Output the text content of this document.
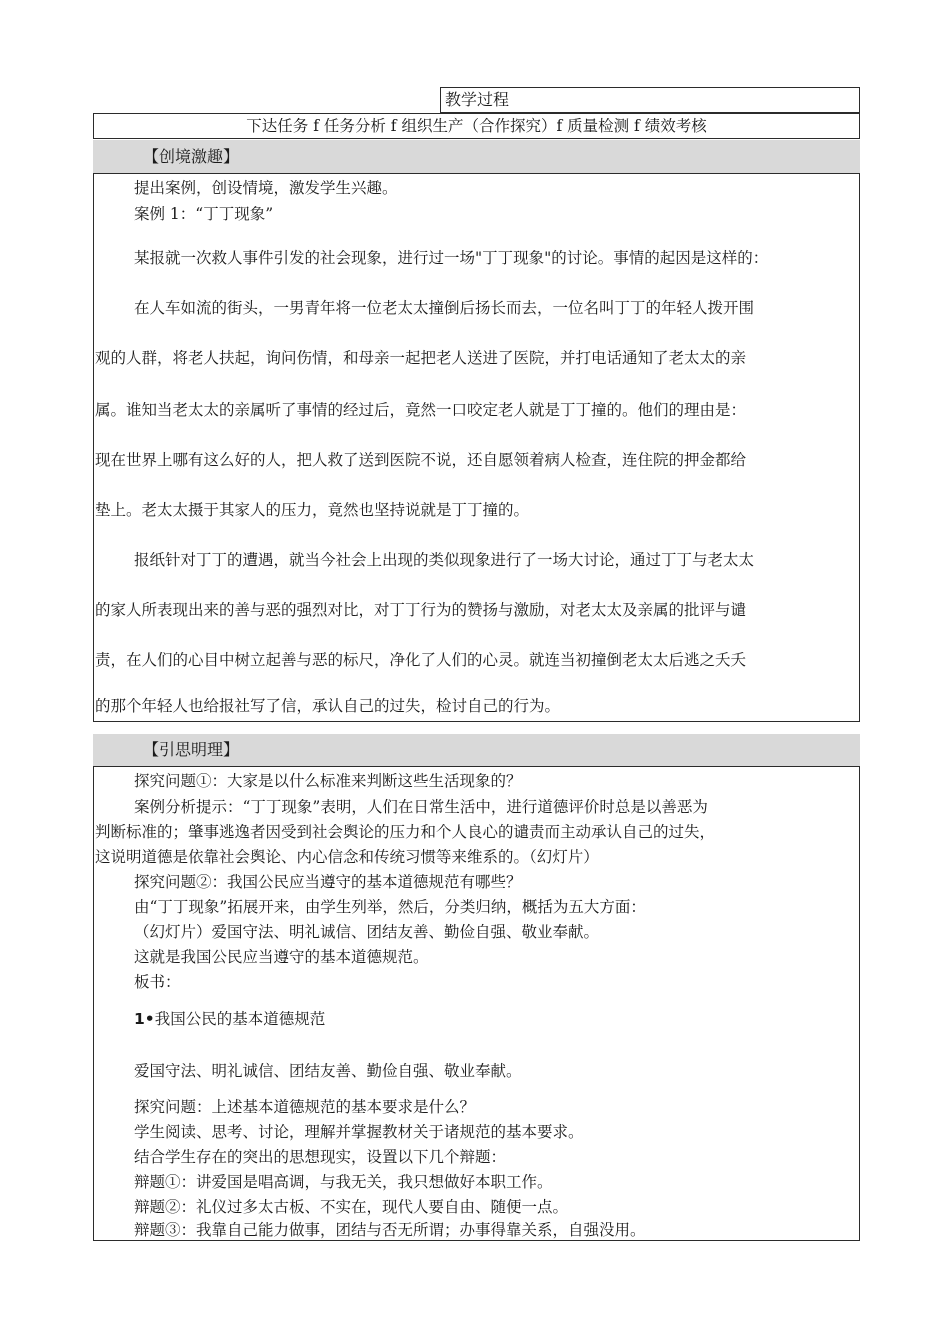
教学过程
下达任务 f 任务分析 f 组织生产（合作探究）f 质量检测 f 绩效考核
【创境激趣】
提出案例，创设情境，激发学生兴趣。
案例 1：“丁丁现象”
某报就一次救人事件引发的社会现象，进行过一场"丁丁现象"的讨论。事情的起因是这样的：
在人车如流的街头，一男青年将一位老太太撞倒后扬长而去，一位名叫丁丁的年轻人拨开围
观的人群，将老人扶起，询问伤情，和母亲一起把老人送进了医院，并打电话通知了老太太的亲
属。谁知当老太太的亲属听了事情的经过后，竟然一口咬定老人就是丁丁撞的。他们的理由是：
现在世界上哪有这么好的人，把人救了送到医院不说，还自愿领着病人检查，连住院的押金都给
垫上。老太太摄于其家人的压力，竟然也坚持说就是丁丁撞的。
报纸针对丁丁的遭遇，就当今社会上出现的类似现象进行了一场大讨论，通过丁丁与老太太
的家人所表现出来的善与恶的强烈对比，对丁丁行为的赞扬与激励，对老太太及亲属的批评与谴
责，在人们的心目中树立起善与恶的标尺，净化了人们的心灵。就连当初撞倒老太太后逃之夭夭
的那个年轻人也给报社写了信，承认自己的过失，检讨自己的行为。
【引思明理】
探究问题①：大家是以什么标准来判断这些生活现象的？
案例分析提示：“丁丁现象”表明，人们在日常生活中，进行道德评价时总是以善恶为
判断标准的；肇事逃逸者因受到社会舆论的压力和个人良心的谴责而主动承认自己的过失，
这说明道德是依靠社会舆论、内心信念和传统习惯等来维系的。（幻灯片）
探究问题②：我国公民应当遵守的基本道德规范有哪些？
由“丁丁现象”拓展开来，由学生列举，然后，分类归纳，概括为五大方面：
（幻灯片）爱国守法、明礼诚信、团结友善、勤俭自强、敬业奉献。
这就是我国公民应当遵守的基本道德规范。
板书：
1•我国公民的基本道德规范
爱国守法、明礼诚信、团结友善、勤俭自强、敬业奉献。
探究问题：上述基本道德规范的基本要求是什么？
学生阅读、思考、讨论，理解并掌握教材关于诸规范的基本要求。
结合学生存在的突出的思想现实，设置以下几个辩题：
辩题①：讲爱国是唱高调，与我无关，我只想做好本职工作。
辩题②：礼仪过多太古板、不实在，现代人要自由、随便一点。
辩题③：我靠自己能力做事，团结与否无所谓；办事得靠关系，自强没用。
